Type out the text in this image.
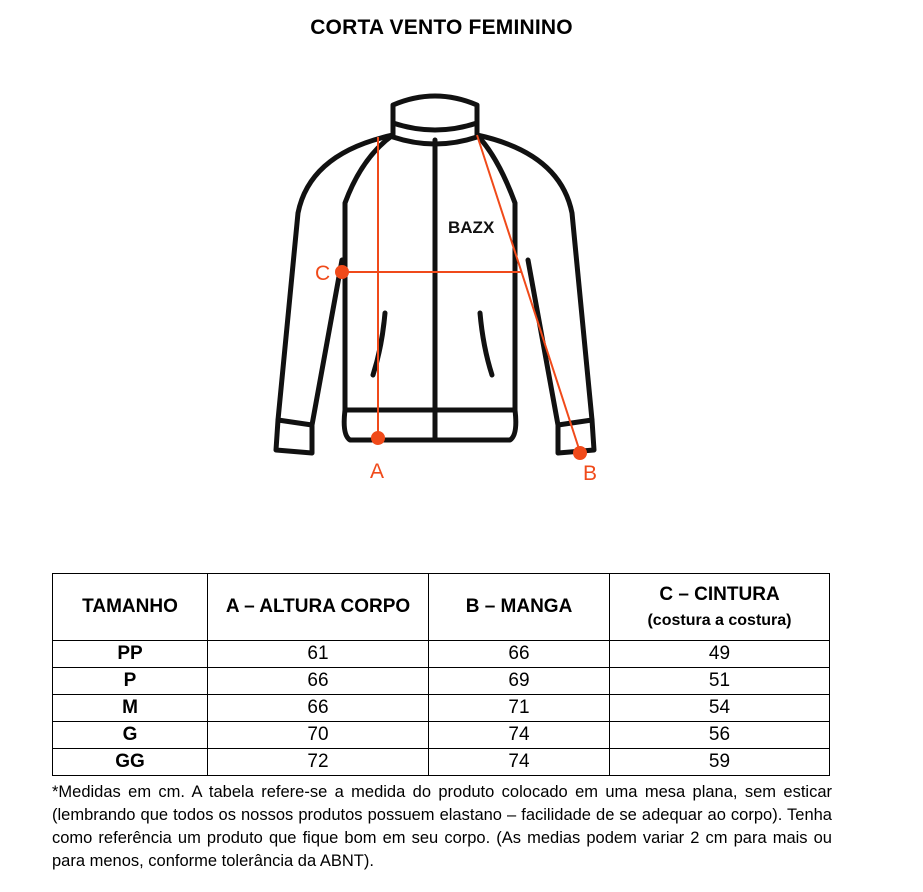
CORTA VENTO FEMININO
BAZX
A	B
C
TAMANHO	A – ALTURA CORPO	B – MANGA	C – CINTURA
(costura a costura)

PP	61	66	49
P	66	69	51
M	66	71	54
G	70	74	56
GG	72	74	59
*Medidas em cm. A tabela refere-se a medida do produto colocado em uma mesa plana, sem esticar (lembrando que todos os nossos produtos possuem elastano – facilidade de se adequar ao corpo). Tenha como referência um produto que fique bom em seu corpo. (As medias podem variar 2 cm para mais ou para menos, conforme tolerância da ABNT).
